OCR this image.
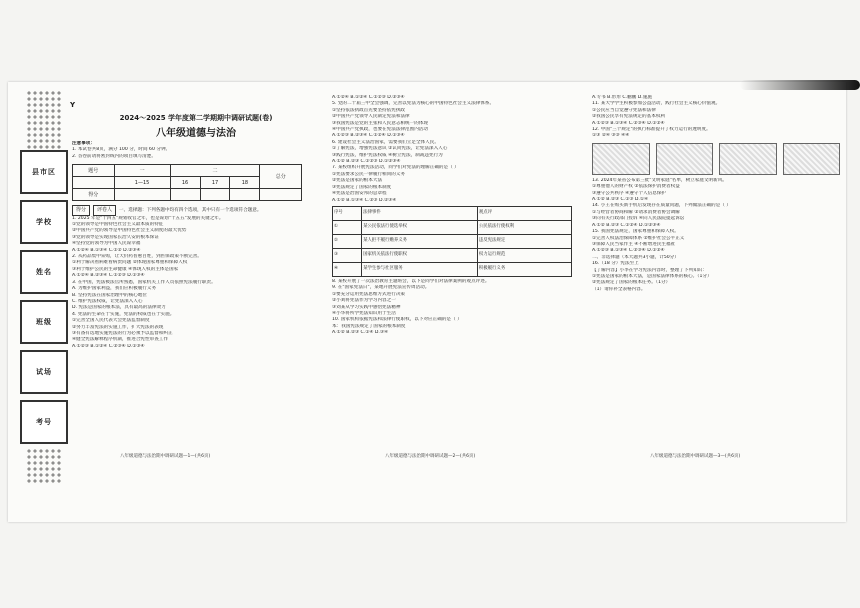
县市区
学校
姓名
班级
试场
考号
Y
2024～2025 学年度第二学期期中调研试题(卷)
八年级道德与法治

注意事项：

1. 本试卷共8页，满分 100 分，时间 60 分钟。

2. 答卷前请将密封线内的项目填写清楚。

题号	一	二			总分
	1—15	16	17	18	
得分					

得分 评卷人 一、选择题：下列各题中均有四个选项，其中只有一个选项符合题意。

1. 2025 年是"十四五"规划收官之年，也是谋划"十五五"发展的关键之年。

①党的领导是中国特色社会主义最本质的特征

②中国共产党的领导是中国特色社会主义制度的最大优势

③党的领导是实现国家长治久安的根本保证

④坚持党的领导为中国人民谋幸福

A.①②④ B.①③④ C.①② D.②③④

2. 从药品集中采购，让天价药普惠百姓，到医保政策不断完善。

①利于解决看病难看病贵问题 ②体现国家尊重和保障人权

③利于维护公民的生命健康 ④体现人权的主体是国家

A.①②④ B.②③④ C.①②③ D.①③④

3. 在中国，宪法被法官所熟悉，国家机关工作人员依照宪法履行职责。

A. 为维护国家利益，我们应积极履行义务

B. 坚持宪法在国家治理中的核心地位

C. 维护宪法权威，让宪法深入人心

D. 宪法是国家的根本法，具有最高的法律效力

4. 宪法的生命在于实施，宪法的权威也在于实施。

①完善全国人民代表大会宪法监督制度

②努力丰富宪法的实施工作，扩大宪法的表现

③有备有选地实施宪法的行为必须予以监督和纠正

④健全宪法解释程序机制，推进合宪性审查工作

A.①②③ B.①②④ C.②③④ D.①③④

A.①②④ B.①②④ C.①②③ D.②③④

5. 党的二十届三中全会强调，完善以宪法为核心的中国特色社会主义法律体系。

①坚持依法执政首先要坚持依宪执政

②中国共产党领导人民制定宪法和法律

③我国宪法是党的主张和人民意志相统一的体现

④中国共产党执政，也要在宪法法律范围内活动

A.①②③ B.②③④ C.①②④ D.①③④

6. 建设社会主义法治国家，需要我们立足全体人民。

①了解宪法，增强宪法意识 ②认同宪法，让宪法深入人心

③践行宪法，维护宪法权威 ④树立宪法，制裁违宪行为

A.①② B.②③ C.①②③ D.①②③④

7. 某校组织开展宪法活动，同学们对宪法的理解正确的是（ ）

①宪法要求公民一律履行相同的义务

②宪法是国家的根本大法

③宪法规定了国家的根本制度

④宪法是治国安邦的总章程

A.①② B.①③④ C.②③ D.②③④

序号	法律事件	观点评
①	某公民依法行使选举权	公民依法行使权利
②	某人拒不履行赡养义务	违反宪法规定
③	国家机关依法行使职权	权力运行规范
④	某学生参与社区服务	积极履行义务

8. 某校开展了一次法治教育主题班会，以下是同学们对法律案例的观点评述。

9. 在"国家宪法日"，某地开展宪法宣传周活动。

①要充分运用宪法思维方式进行决策

②小刘将宪法作为学习内容之一

③刘某从学习实践中感悟宪法精神

④小华将所学宪法知识用于生活

10. 国家机构依据宪法和法律行使职权，以下对应正确的是（ ）

本：我国宪法规定了国家的根本制度

A.①② B.②③ C.①④ D.③④

A.专书 B.形形 C.鹏鹏 D.施施

11. 某大学学生积极参加公益活动，践行社会主义核心价值观。

①公民应当自觉遵守宪法和法律

②我国公民享有宪法规定的基本权利

A.①②③ B.①③④ C.②③④ D.①②④

12. 中国"三个规定"的执行标准提升了权力运行的透明度。

①③ ②④ ③③ ④④

13. 2024年某省公布第三批"文明家庭"名单，树立家庭文明新风。

①尊重他人的财产权 ②依法保护消费者权益

③遵守公共秩序 ④遵守个人信息保护

A.①② B.②③ C.①③ D.①④

14. 小王在购买新手机后发现存在质量问题，下列做法正确的是（ ）

①与经营者协商和解 ②请求消费者协会调解

③向有关行政部门投诉 ④向人民法院提起诉讼

A.①② B.②③ C.①②④ D.①②③④

15. 我国宪法规定，国家尊重和保障人权。

①完善人权法治保障体系 ②维护社会公平正义

③保障人民当家作主 ④不断增进民生福祉

A.①②③ B.①③④ C.②③④ D.①②④

二、非选择题（本大题共3小题，计50分）

16.（18 分）宪法至上

【了解内容】小李在学习宪法内容时，整理了下列知识：

①宪法是国家的根本大法，是国家法律体系的核心。（1分）

②宪法规定了国家的根本任务。（1分）

（1）请你补全表格内容。

八年级道德与法治期中调研试题—1—(共6页)	八年级道德与法治期中调研试题—2—(共6页)	八年级道德与法治期中调研试题—3—(共6页)
